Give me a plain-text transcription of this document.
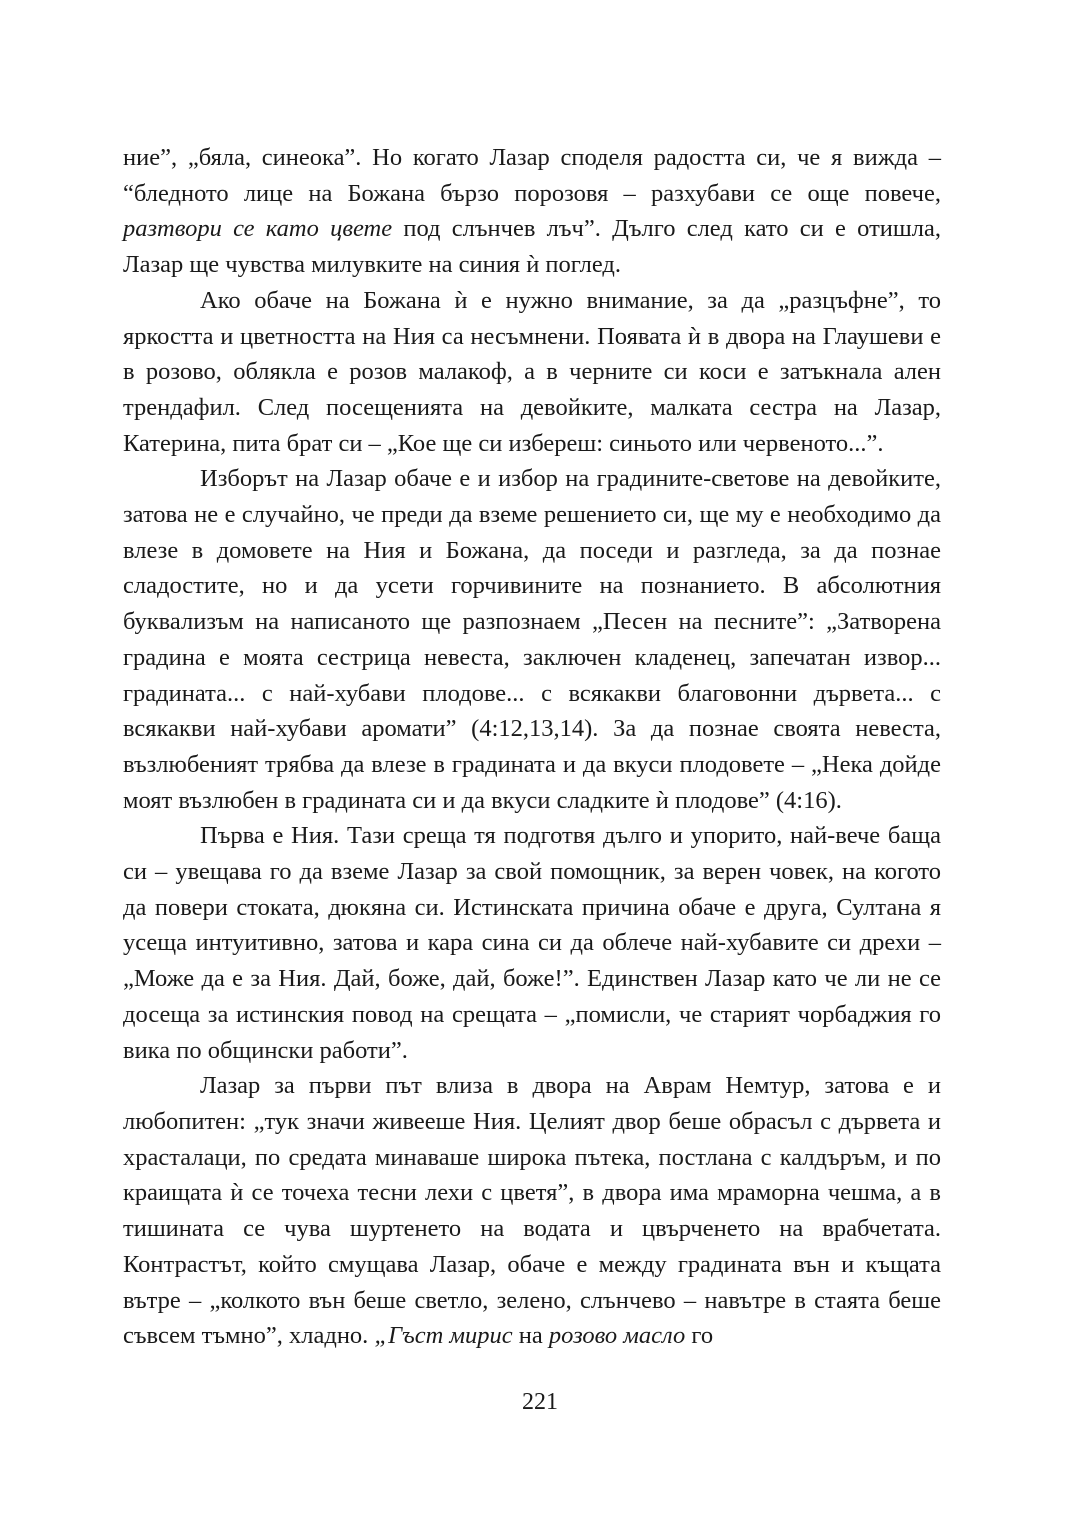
ние”, „бяла, синеока”. Но когато Лазар споделя радостта си, че я вижда – “бледното лице на Божана бързо порозовя – разхубави се още повече, разтвори се като цвете под слънчев лъч”. Дълго след като си е отишла, Лазар ще чувства милувките на синия ѝ поглед.

Ако обаче на Божана ѝ е нужно внимание, за да „разцъфне”, то яркостта и цветността на Ния са несъмнени. Появата ѝ в двора на Глаушеви е в розово, облякла е розов малакоф, а в черните си коси е затъкнала ален трендафил. След посещенията на девойките, малката сестра на Лазар, Катерина, пита брат си – „Кое ще си избереш: синьото или червеното...”.

Изборът на Лазар обаче е и избор на градините-светове на девойките, затова не е случайно, че преди да вземе решението си, ще му е необходимо да влезе в домовете на Ния и Божана, да поседи и разгледа, за да познае сладостите, но и да усети горчивините на познанието. В абсолютния буквализъм на написаното ще разпознаем „Песен на песните”: „Затворена градина е моята сестрица невеста, заключен кладенец, запечатан извор... градината... с най-хубави плодове... с всякакви благовонни дървета... с всякакви най-хубави аромати” (4:12,13,14). За да познае своята невеста, възлюбеният трябва да влезе в градината и да вкуси плодовете – „Нека дойде моят възлюбен в градината си и да вкуси сладките ѝ плодове” (4:16).

Първа е Ния. Тази среща тя подготвя дълго и упорито, най-вече баща си – увещава го да вземе Лазар за свой помощник, за верен човек, на когото да повери стоката, дюкяна си. Истинската причина обаче е друга, Султана я усеща интуитивно, затова и кара сина си да облече най-хубавите си дрехи – „Може да е за Ния. Дай, боже, дай, боже!”. Единствен Лазар като че ли не се досеща за истинския повод на срещата – „помисли, че старият чорбаджия го вика по общински работи”.

Лазар за първи път влиза в двора на Аврам Немтур, затова е и любопитен: „тук значи живееше Ния. Целият двор беше обрасъл с дървета и храсталаци, по средата минаваше широка пътека, постлана с калдъръм, и по краищата ѝ се точеха тесни лехи с цветя”, в двора има мраморна чешма, а в тишината се чува шуртенето на водата и цвърченето на врабчетата. Контрастът, който смущава Лазар, обаче е между градината вън и къщата вътре – „колкото вън беше светло, зелено, слънчево – навътре в стаята беше съвсем тъмно”, хладно. „Гъст мирис на розово масло го

221
